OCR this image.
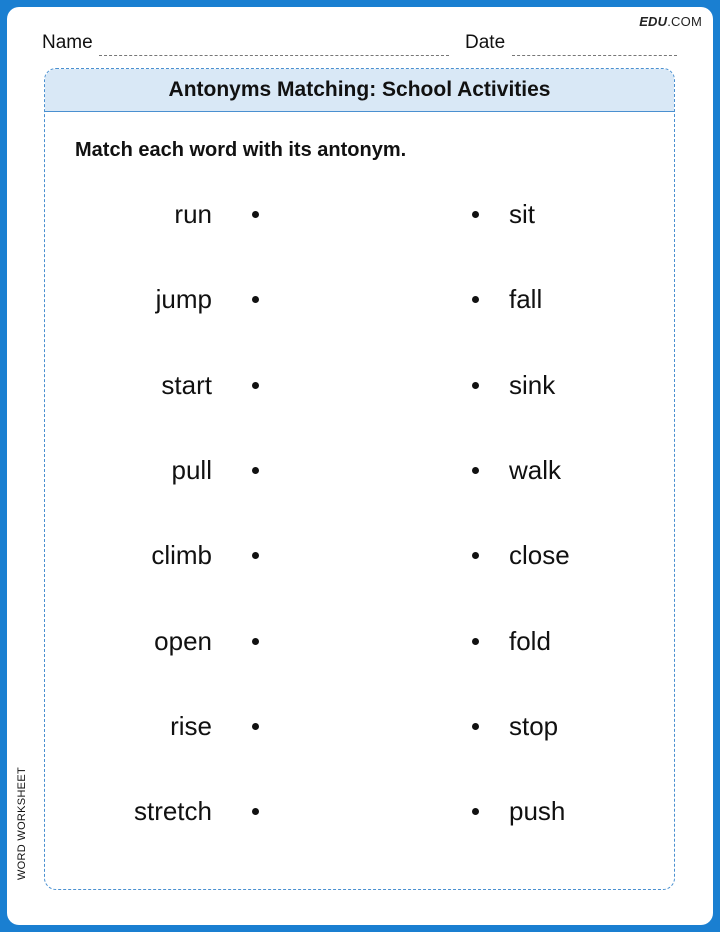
EDU.COM
Name	Date
Antonyms Matching: School Activities
Match each word with its antonym.
run	sit
jump	fall
start	sink
pull	walk
climb	close
open	fold
rise	stop
stretch	push
WORD WORKSHEET
